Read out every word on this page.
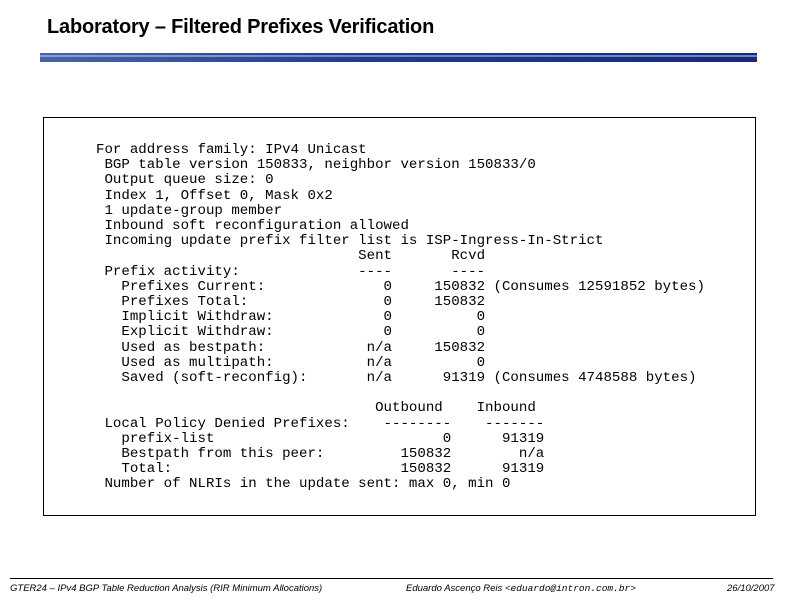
Laboratory – Filtered Prefixes Verification
For address family: IPv4 Unicast
BGP table version 150833, neighbor version 150833/0
Output queue size: 0
Index 1, Offset 0, Mask 0x2
1 update-group member
Inbound soft reconfiguration allowed
Incoming update prefix filter list is ISP-Ingress-In-Strict
Sent       Rcvd
Prefix activity:              ----       ----
Prefixes Current:              0     150832 (Consumes 12591852 bytes)
Prefixes Total:                0     150832
Implicit Withdraw:             0          0
Explicit Withdraw:             0          0
Used as bestpath:            n/a     150832
Used as multipath:           n/a          0
Saved (soft-reconfig):       n/a      91319 (Consumes 4748588 bytes)

Outbound    Inbound
Local Policy Denied Prefixes:    --------    -------
prefix-list                           0      91319
Bestpath from this peer:         150832        n/a
Total:                           150832      91319
Number of NLRIs in the update sent: max 0, min 0
GTER24 – IPv4 BGP Table Reduction Analysis (RIR Minimum Allocations)	Eduardo Ascenço Reis <eduardo@intron.com.br>	26/10/2007
